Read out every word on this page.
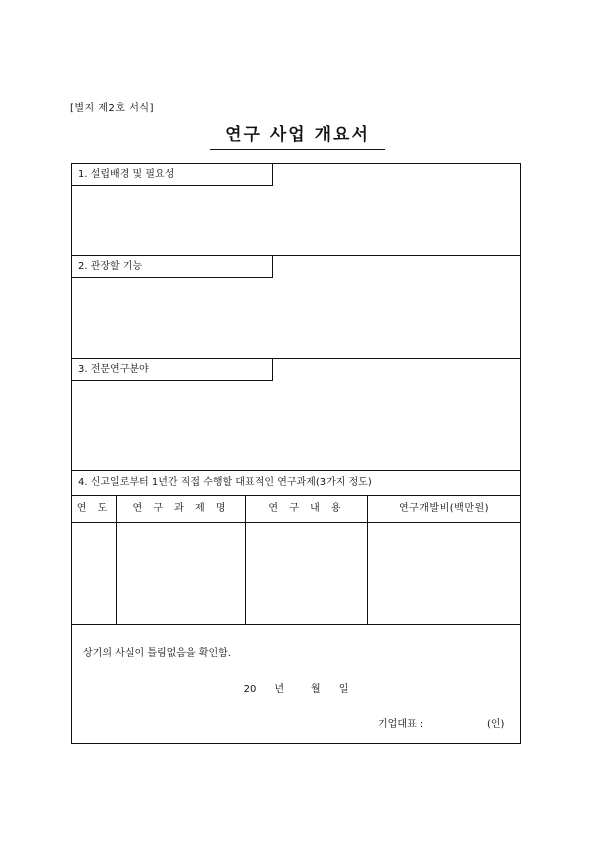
[별지 제2호 서식]
연구 사업 개요서
1. 설립배경 및 필요성
2. 관장할 기능
3. 전문연구분야
4. 신고일로부터 1년간 직접 수행할 대표적인 연구과제(3가지 정도)
연 도	연 구 과 제 명	연 구 내 용	연구개발비(백만원)
상기의 사실이 틀림없음을 확인함.
20 년	월 일
기업대표 :	(인)
